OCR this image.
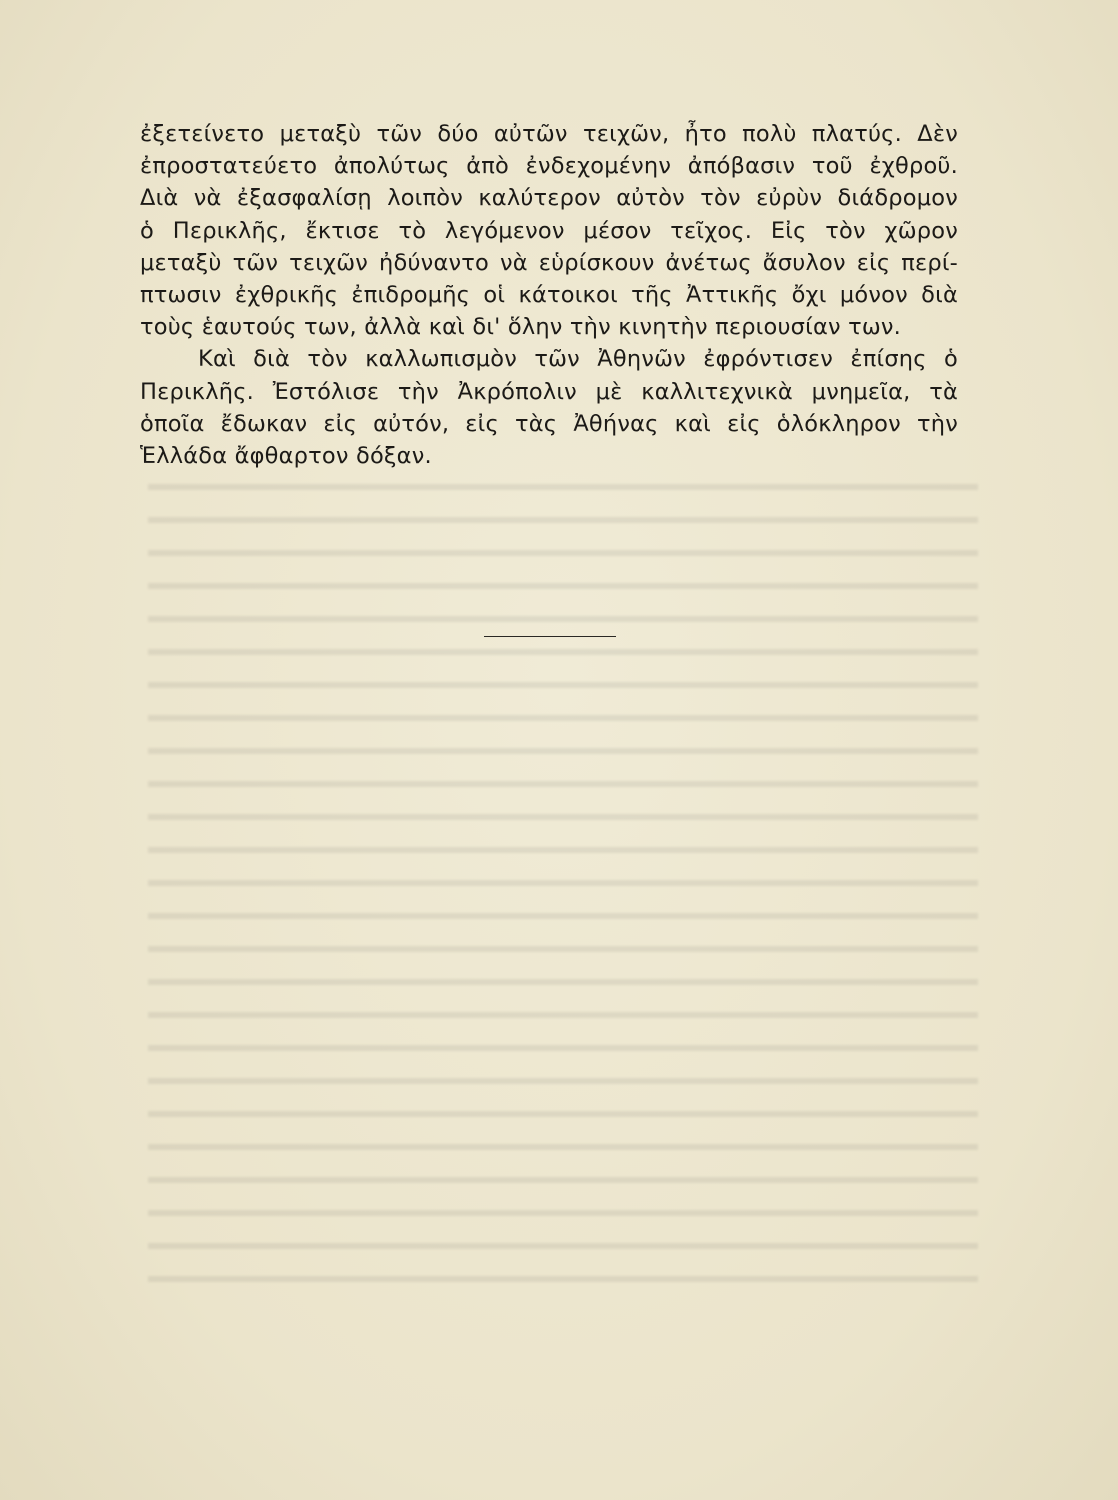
ἐξετείνετο μεταξὺ τῶν δύο αὐτῶν τειχῶν, ἦτο πολὺ πλατύς. Δὲν
ἐπροστατεύετο ἀπολύτως ἀπὸ ἐνδεχομένην ἀπόβασιν τοῦ ἐχθροῦ.
Διὰ νὰ ἐξασφαλίσῃ λοιπὸν καλύτερον αὐτὸν τὸν εὐρὺν διάδρομον
ὁ Περικλῆς, ἔκτισε τὸ λεγόμενον μέσον τεῖχος. Εἰς τὸν χῶρον
μεταξὺ τῶν τειχῶν ἠδύναντο νὰ εὑρίσκουν ἀνέτως ἄσυλον εἰς περί-
πτωσιν ἐχθρικῆς ἐπιδρομῆς οἱ κάτοικοι τῆς Ἀττικῆς ὄχι μόνον διὰ
τοὺς ἑαυτούς των, ἀλλὰ καὶ δι' ὅλην τὴν κινητὴν περιουσίαν των.
Καὶ διὰ τὸν καλλωπισμὸν τῶν Ἀθηνῶν ἐφρόντισεν ἐπίσης ὁ
Περικλῆς. Ἐστόλισε τὴν Ἀκρόπολιν μὲ καλλιτεχνικὰ μνημεῖα, τὰ
ὁποῖα ἔδωκαν εἰς αὐτόν, εἰς τὰς Ἀθήνας καὶ εἰς ὁλόκληρον τὴν
Ἑλλάδα ἄφθαρτον δόξαν.
